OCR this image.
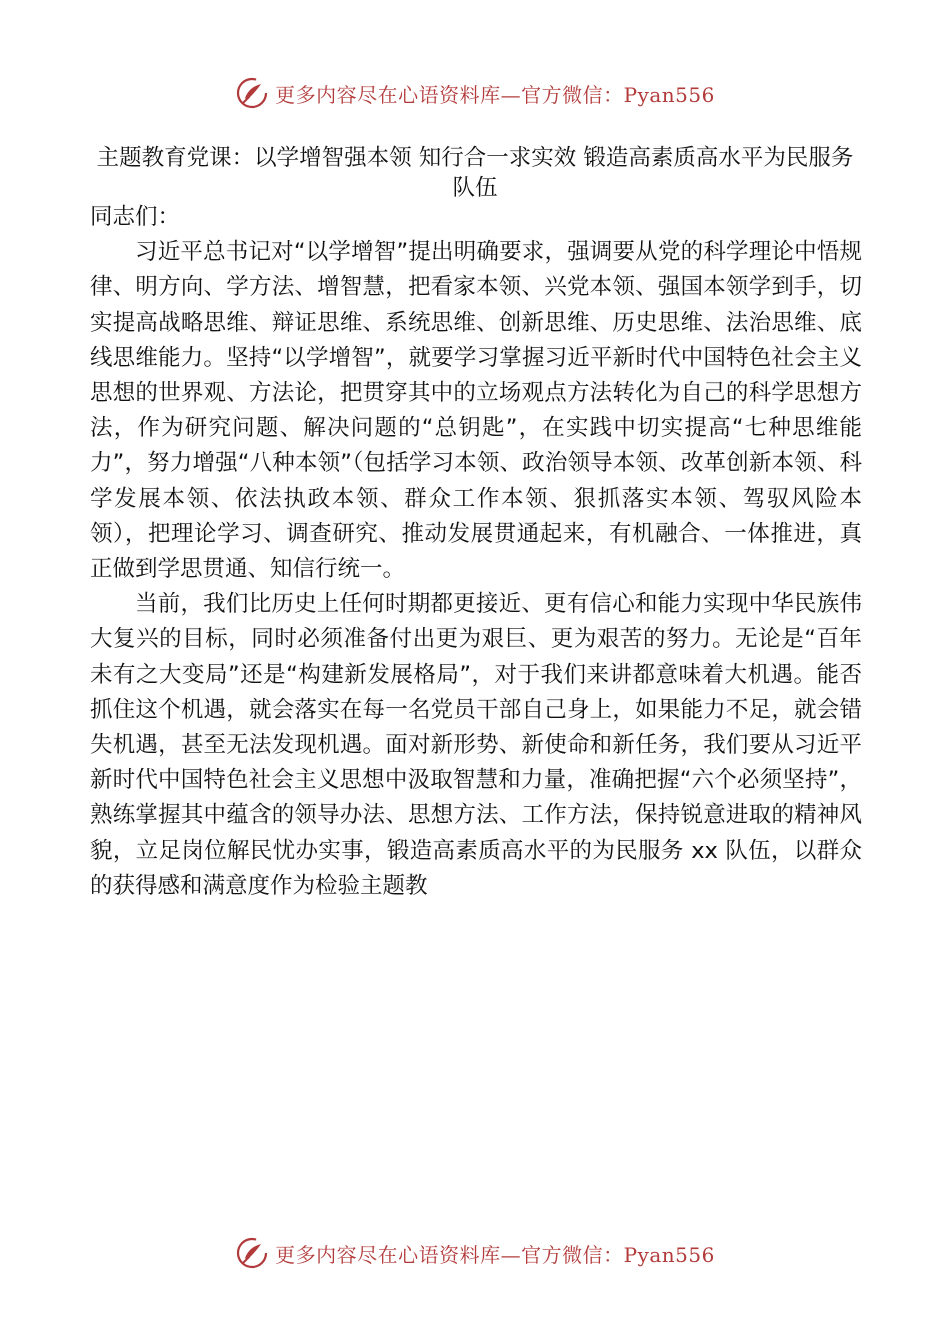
更多内容尽在心语资料库—官方微信：Pyan556
主题教育党课：以学增智强本领 知行合一求实效 锻造高素质高水平为民服务队伍

同志们：

习近平总书记对“以学增智”提出明确要求，强调要从党的科学理论中悟规律、明方向、学方法、增智慧，把看家本领、兴党本领、强国本领学到手，切实提高战略思维、辩证思维、系统思维、创新思维、历史思维、法治思维、底线思维能力。坚持“以学增智”，就要学习掌握习近平新时代中国特色社会主义思想的世界观、方法论，把贯穿其中的立场观点方法转化为自己的科学思想方法，作为研究问题、解决问题的“总钥匙”，在实践中切实提高“七种思维能力”，努力增强“八种本领”（包括学习本领、政治领导本领、改革创新本领、科学发展本领、依法执政本领、群众工作本领、狠抓落实本领、驾驭风险本领），把理论学习、调查研究、推动发展贯通起来，有机融合、一体推进，真正做到学思贯通、知信行统一。

当前，我们比历史上任何时期都更接近、更有信心和能力实现中华民族伟大复兴的目标，同时必须准备付出更为艰巨、更为艰苦的努力。无论是“百年未有之大变局”还是“构建新发展格局”，对于我们来讲都意味着大机遇。能否抓住这个机遇，就会落实在每一名党员干部自己身上，如果能力不足，就会错失机遇，甚至无法发现机遇。面对新形势、新使命和新任务，我们要从习近平新时代中国特色社会主义思想中汲取智慧和力量，准确把握“六个必须坚持”，熟练掌握其中蕴含的领导办法、思想方法、工作方法，保持锐意进取的精神风貌，立足岗位解民忧办实事，锻造高素质高水平的为民服务 xx 队伍，以群众的获得感和满意度作为检验主题教

更多内容尽在心语资料库—官方微信：Pyan556
